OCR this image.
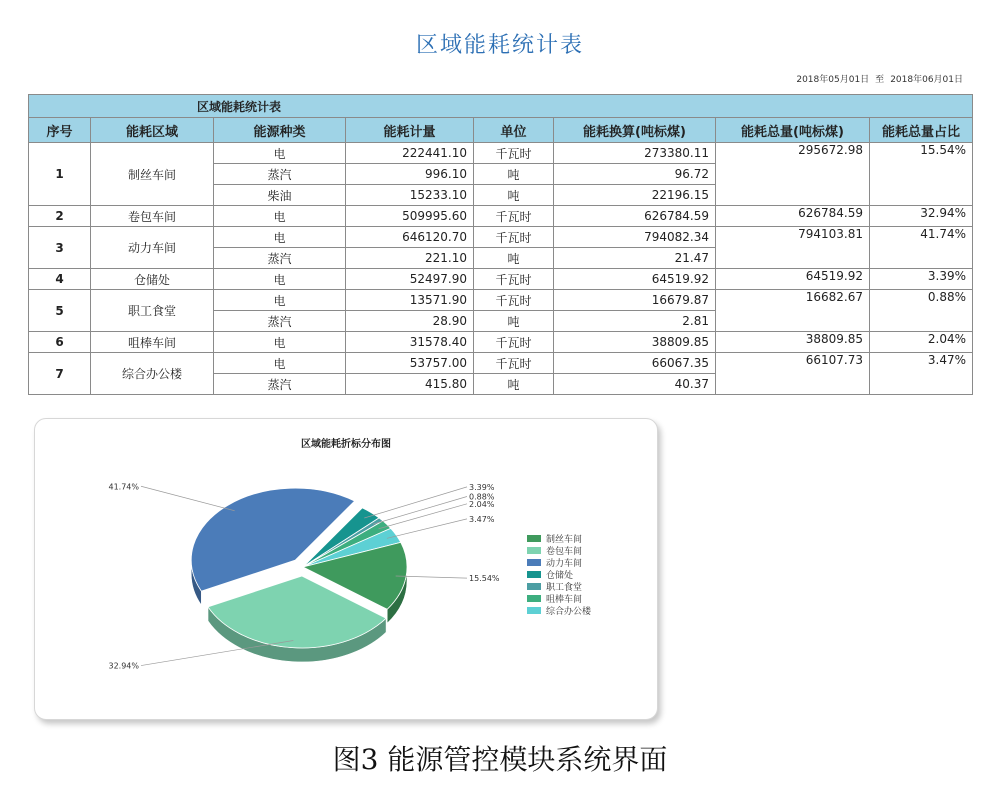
区域能耗统计表
2018年05月01日 至 2018年06月01日
区域能耗统计表							
序号	能耗区域	能源种类	能耗计量	单位	能耗换算(吨标煤)	能耗总量(吨标煤)	能耗总量占比
1	制丝车间	电	222441.10	千瓦时	273380.11	295672.98	15.54%
		蒸汽	996.10	吨	96.72		
		柴油	15233.10	吨	22196.15		
2	卷包车间	电	509995.60	千瓦时	626784.59	626784.59	32.94%
3	动力车间	电	646120.70	千瓦时	794082.34	794103.81	41.74%
		蒸汽	221.10	吨	21.47		
4	仓储处	电	52497.90	千瓦时	64519.92	64519.92	3.39%
5	职工食堂	电	13571.90	千瓦时	16679.87	16682.67	0.88%
		蒸汽	28.90	吨	2.81		
6	咀棒车间	电	31578.40	千瓦时	38809.85	38809.85	2.04%
7	综合办公楼	电	53757.00	千瓦时	66067.35	66107.73	3.47%
		蒸汽	415.80	吨	40.37		
区域能耗折标分布图
15.54%
32.94%
41.74%	3.39%
0.88%
2.04%
3.47%
制丝车间
卷包车间
动力车间
仓储处
职工食堂
咀棒车间
综合办公楼
图3 能源管控模块系统界面
